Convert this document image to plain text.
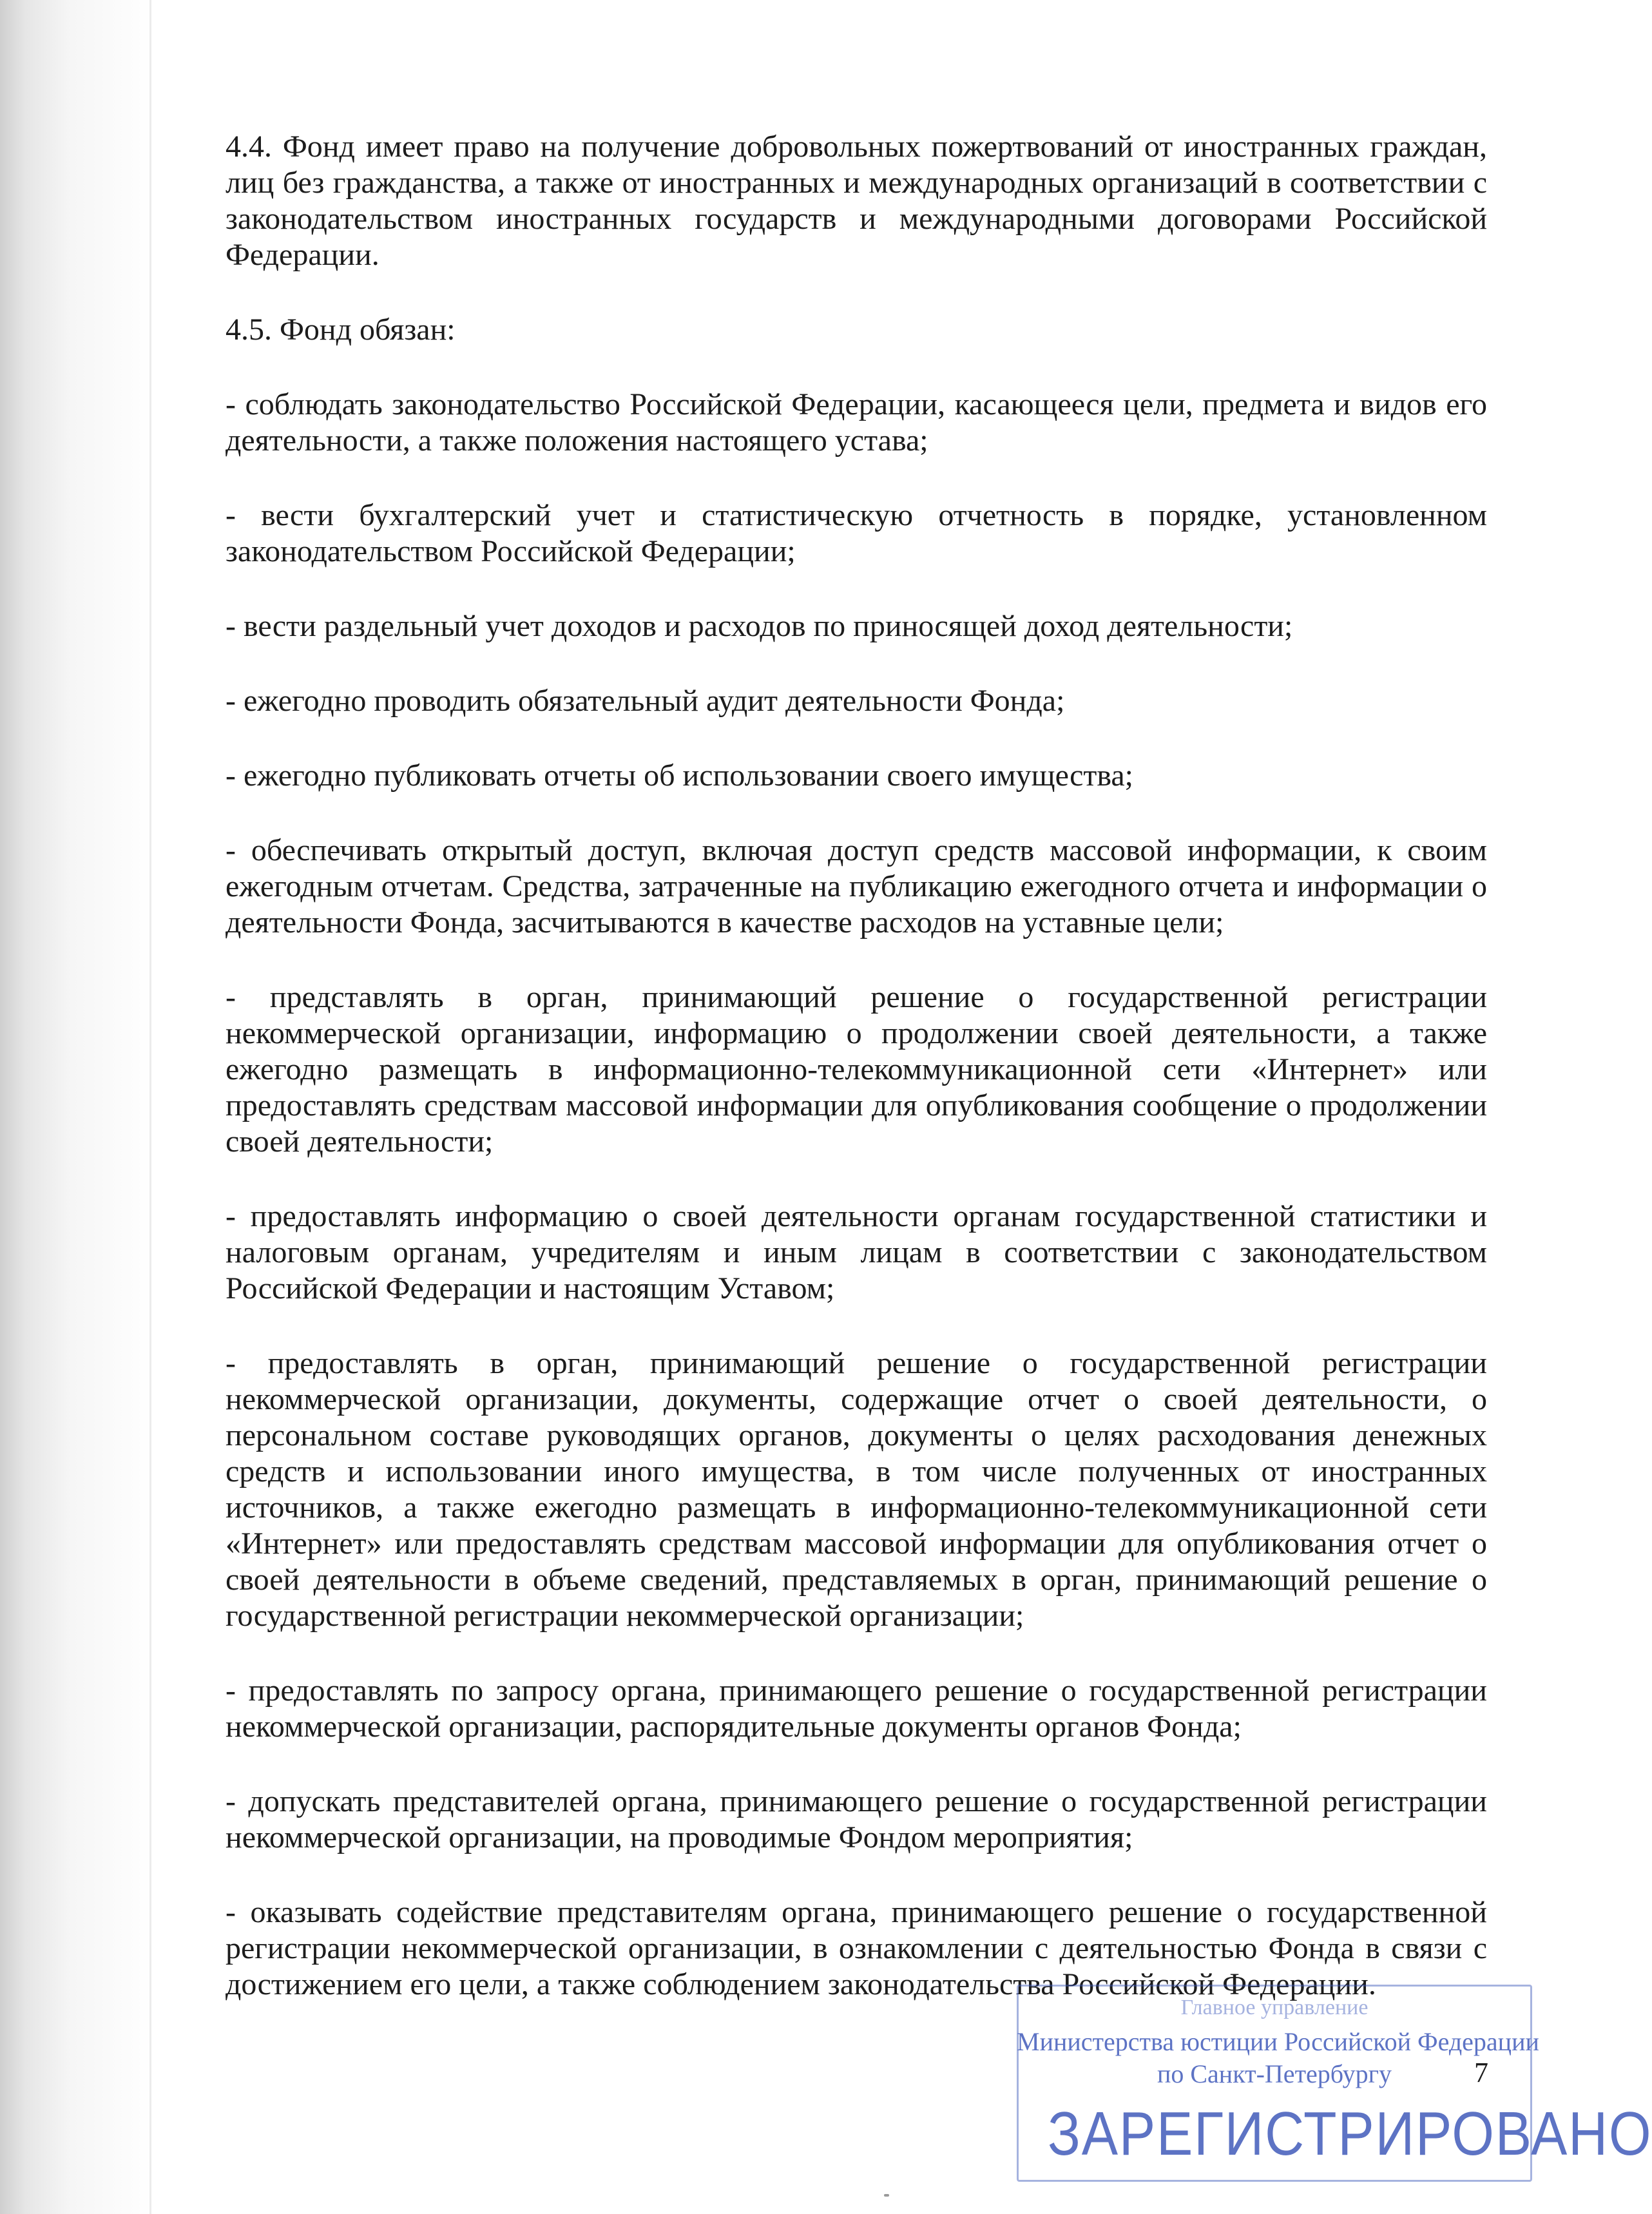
4.4. Фонд имеет право на получение добровольных пожертвований от иностранных граждан, лиц без гражданства, а также от иностранных и международных организаций в соответствии с законодательством иностранных государств и международными договорами Российской Федерации.

4.5. Фонд обязан:

- соблюдать законодательство Российской Федерации, касающееся цели, предмета и видов его деятельности, а также положения настоящего устава;

- вести бухгалтерский учет и статистическую отчетность в порядке, установленном законодательством Российской Федерации;

- вести раздельный учет доходов и расходов по приносящей доход деятельности;

- ежегодно проводить обязательный аудит деятельности Фонда;

- ежегодно публиковать отчеты об использовании своего имущества;

- обеспечивать открытый доступ, включая доступ средств массовой информации, к своим ежегодным отчетам. Средства, затраченные на публикацию ежегодного отчета и информации о деятельности Фонда, засчитываются в качестве расходов на уставные цели;

- представлять в орган, принимающий решение о государственной регистрации некоммерческой организации, информацию о продолжении своей деятельности, а также ежегодно размещать в информационно-телекоммуникационной сети «Интернет» или предоставлять средствам массовой информации для опубликования сообщение о продолжении своей деятельности;

- предоставлять информацию о своей деятельности органам государственной статистики и налоговым органам, учредителям и иным лицам в соответствии с законодательством Российской Федерации и настоящим Уставом;

- предоставлять в орган, принимающий решение о государственной регистрации некоммерческой организации, документы, содержащие отчет о своей деятельности, о персональном составе руководящих органов, документы о целях расходования денежных средств и использовании иного имущества, в том числе полученных от иностранных источников, а также ежегодно размещать в информационно-телекоммуникационной сети «Интернет» или предоставлять средствам массовой информации для опубликования отчет о своей деятельности в объеме сведений, представляемых в орган, принимающий решение о государственной регистрации некоммерческой организации;

- предоставлять по запросу органа, принимающего решение о государственной регистрации некоммерческой организации, распорядительные документы органов Фонда;

- допускать представителей органа, принимающего решение о государственной регистрации некоммерческой организации, на проводимые Фондом мероприятия;

- оказывать содействие представителям органа, принимающего решение о государственной регистрации некоммерческой организации, в ознакомлении с деятельностью Фонда в связи с достижением его цели, а также соблюдением законодательства Российской Федерации.

7
Главное управление
Министерства юстиции Российской Федерации
по Санкт-Петербургу
ЗАРЕГИСТРИРОВАНО
